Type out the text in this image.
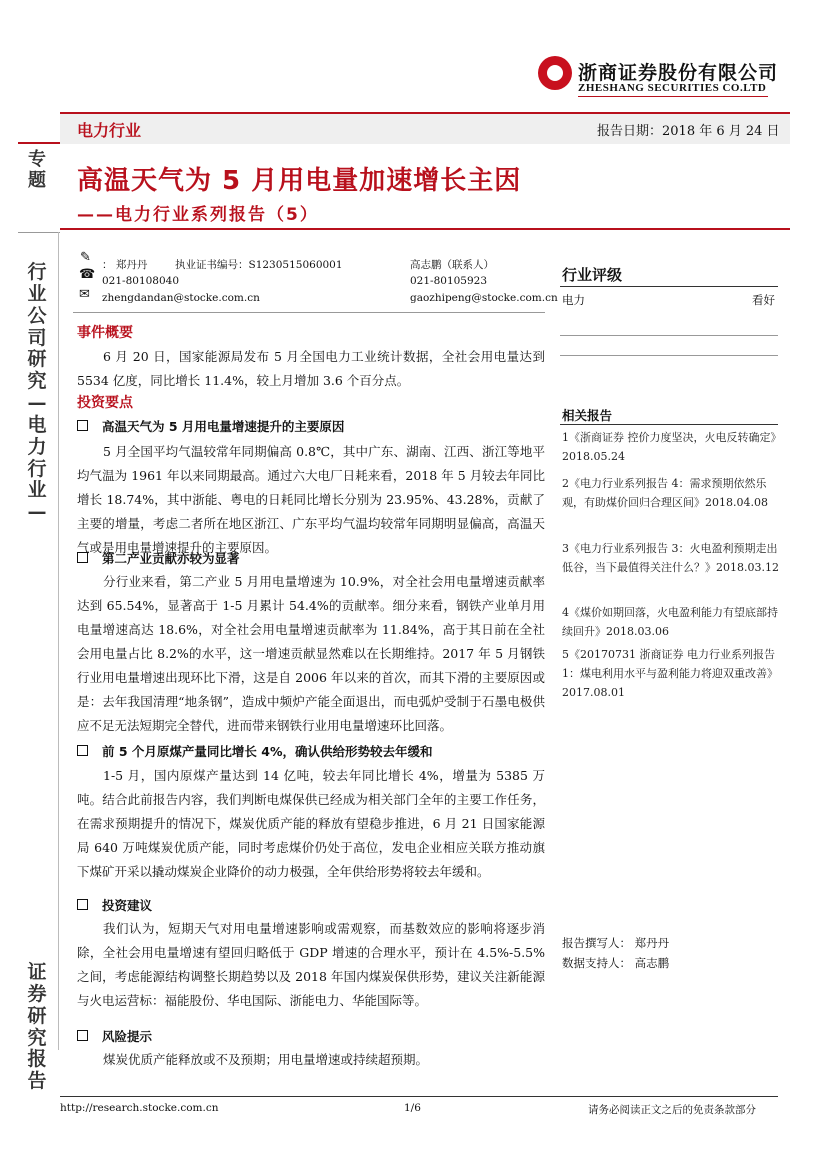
浙商证券股份有限公司
ZHESHANG SECURITIES CO.LTD
电力行业	报告日期：2018 年 6 月 24 日
高温天气为 5 月用电量加速增长主因
——电力行业系列报告（5）
专题
行业公司研究—电力行业—
证券研究报告
✎
☎
✉
： 郑丹丹	执业证书编号：S1230515060001	高志鹏（联系人）
021-80108040	021-80105923
zhengdandan@stocke.com.cn	gaozhipeng@stocke.com.cn
事件概要
6 月 20 日，国家能源局发布 5 月全国电力工业统计数据，全社会用电量达到 5534 亿度，同比增长 11.4%，较上月增加 3.6 个百分点。
投资要点
高温天气为 5 月用电量增速提升的主要原因
5 月全国平均气温较常年同期偏高 0.8℃，其中广东、湖南、江西、浙江等地平均气温为 1961 年以来同期最高。通过六大电厂日耗来看，2018 年 5 月较去年同比增长 18.74%，其中浙能、粤电的日耗同比增长分别为 23.95%、43.28%，贡献了主要的增量，考虑二者所在地区浙江、广东平均气温均较常年同期明显偏高，高温天气或是用电量增速提升的主要原因。
第二产业贡献亦较为显著
分行业来看，第二产业 5 月用电量增速为 10.9%，对全社会用电量增速贡献率达到 65.54%，显著高于 1-5 月累计 54.4%的贡献率。细分来看，钢铁产业单月用电量增速高达 18.6%，对全社会用电量增速贡献率为 11.84%，高于其日前在全社会用电量占比 8.2%的水平，这一增速贡献显然难以在长期维持。2017 年 5 月钢铁行业用电量增速出现环比下滑，这是自 2006 年以来的首次，而其下滑的主要原因或是：去年我国清理“地条钢”，造成中频炉产能全面退出，而电弧炉受制于石墨电极供应不足无法短期完全替代，进而带来钢铁行业用电量增速环比回落。
前 5 个月原煤产量同比增长 4%，确认供给形势较去年缓和
1-5 月，国内原煤产量达到 14 亿吨，较去年同比增长 4%，增量为 5385 万吨。结合此前报告内容，我们判断电煤保供已经成为相关部门全年的主要工作任务，在需求预期提升的情况下，煤炭优质产能的释放有望稳步推进，6 月 21 日国家能源局 640 万吨煤炭优质产能，同时考虑煤价仍处于高位，发电企业相应关联方推动旗下煤矿开采以撬动煤炭企业降价的动力极强，全年供给形势将较去年缓和。
投资建议
我们认为，短期天气对用电量增速影响或需观察，而基数效应的影响将逐步消除，全社会用电量增速有望回归略低于 GDP 增速的合理水平，预计在 4.5%-5.5%之间，考虑能源结构调整长期趋势以及 2018 年国内煤炭保供形势，建议关注新能源与火电运营标：福能股份、华电国际、浙能电力、华能国际等。
风险提示
煤炭优质产能释放或不及预期；用电量增速或持续超预期。
行业评级
电力	看好
相关报告
1《浙商证券 控价力度坚决，火电反转确定》2018.05.24
2《电力行业系列报告 4：需求预期依然乐观，有助煤价回归合理区间》2018.04.08
3《电力行业系列报告 3：火电盈利预期走出低谷，当下最值得关注什么？》2018.03.12
4《煤价如期回落，火电盈利能力有望底部持续回升》2018.03.06
5《20170731 浙商证券 电力行业系列报告 1：煤电利用水平与盈利能力将迎双重改善》2017.08.01
报告撰写人： 郑丹丹
数据支持人： 高志鹏
http://research.stocke.com.cn	1/6	请务必阅读正文之后的免责条款部分
